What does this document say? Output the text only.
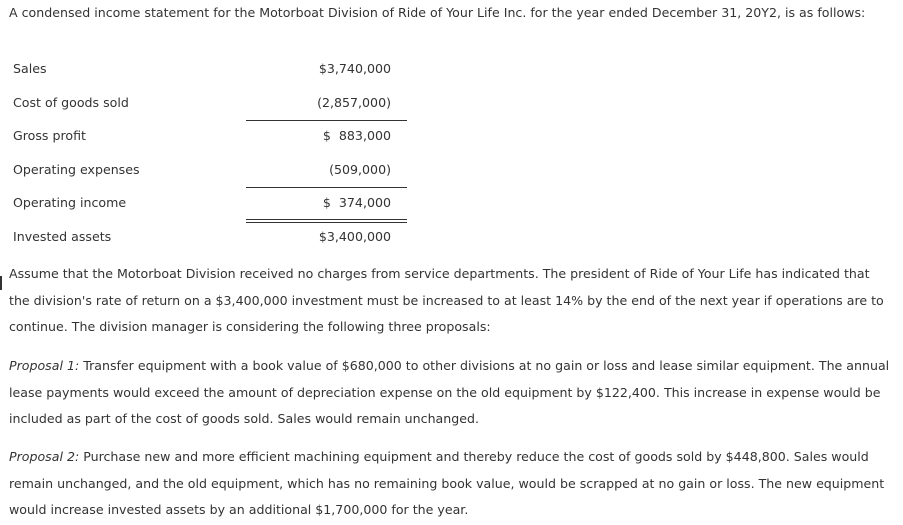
A condensed income statement for the Motorboat Division of Ride of Your Life Inc. for the year ended December 31, 20Y2, is as follows:

Sales	$3,740,000
Cost of goods sold	(2,857,000)
Gross profit	$  883,000
Operating expenses	(509,000)
Operating income	$  374,000
Invested assets	$3,400,000

Assume that the Motorboat Division received no charges from service departments. The president of Ride of Your Life has indicated that the division's rate of return on a $3,400,000 investment must be increased to at least 14% by the end of the next year if operations are to continue. The division manager is considering the following three proposals:

Proposal 1: Transfer equipment with a book value of $680,000 to other divisions at no gain or loss and lease similar equipment. The annual lease payments would exceed the amount of depreciation expense on the old equipment by $122,400. This increase in expense would be included as part of the cost of goods sold. Sales would remain unchanged.

Proposal 2: Purchase new and more efficient machining equipment and thereby reduce the cost of goods sold by $448,800. Sales would remain unchanged, and the old equipment, which has no remaining book value, would be scrapped at no gain or loss. The new equipment would increase invested assets by an additional $1,700,000 for the year.
